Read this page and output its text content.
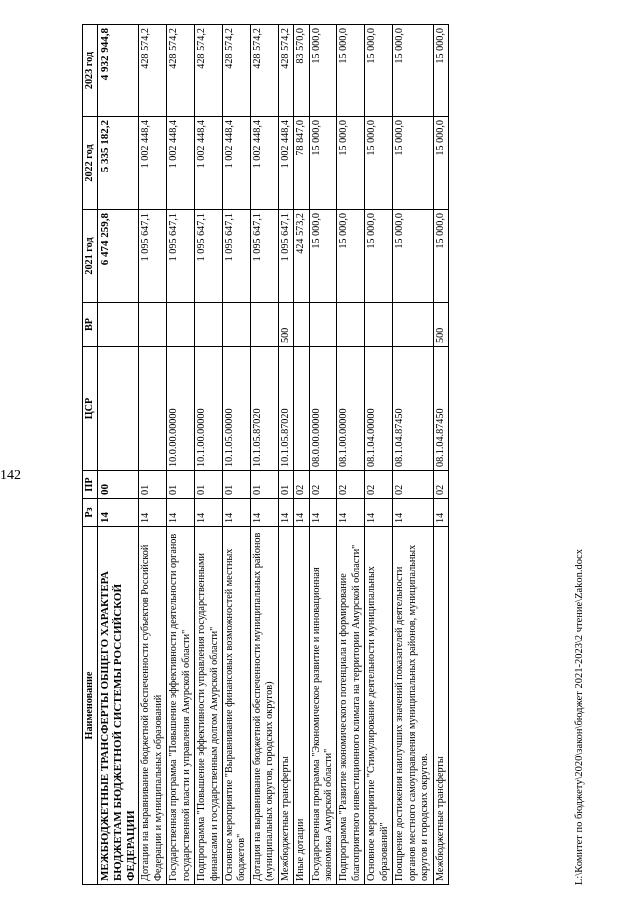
142
Наименование	Рз	ПР	ЦСР	ВР	2021 год	2022 год	2023 год
МЕЖБЮДЖЕТНЫЕ ТРАНСФЕРТЫ ОБЩЕГО ХАРАКТЕРА БЮДЖЕТАМ БЮДЖЕТНОЙ СИСТЕМЫ РОССИЙСКОЙ ФЕДЕРАЦИИ	14	00			6 474 259,8	5 335 182,2	4 932 944,8
Дотации на выравнивание бюджетной обеспеченности субъектов Российской Федерации и муниципальных образований	14	01			1 095 647,1	1 002 448,4	428 574,2
Государственная программа "Повышение эффективности деятельности органов государственной власти и управления Амурской области"	14	01	10.0.00.00000		1 095 647,1	1 002 448,4	428 574,2
Подпрограмма "Повышение эффективности управления государственными финансами и государственным долгом Амурской области"	14	01	10.1.00.00000		1 095 647,1	1 002 448,4	428 574,2
Основное мероприятие "Выравнивание финансовых возможностей местных бюджетов"	14	01	10.1.05.00000		1 095 647,1	1 002 448,4	428 574,2
Дотация на выравнивание бюджетной обеспеченности муниципальных районов (муниципальных округов, городских округов)	14	01	10.1.05.87020		1 095 647,1	1 002 448,4	428 574,2
Межбюджетные трансферты	14	01	10.1.05.87020	500	1 095 647,1	1 002 448,4	428 574,2
Иные дотации	14	02			424 573,2	78 847,0	83 570,0
Государственная программа "Экономическое развитие и инновационная экономика Амурской области"	14	02	08.0.00.00000		15 000,0	15 000,0	15 000,0
Подпрограмма "Развитие экономического потенциала и формирование благоприятного инвестиционного климата на территории Амурской области"	14	02	08.1.00.00000		15 000,0	15 000,0	15 000,0
Основное мероприятие "Стимулирование деятельности муниципальных образований"	14	02	08.1.04.00000		15 000,0	15 000,0	15 000,0
Поощрение достижения наилучших значений показателей деятельности органов местного самоуправления муниципальных районов, муниципальных округов и городских округов.	14	02	08.1.04.87450		15 000,0	15 000,0	15 000,0
Межбюджетные трансферты	14	02	08.1.04.87450	500	15 000,0	15 000,0	15 000,0
L:\Комитет по бюджету\2020\закон\бюджет 2021-2023\2 чтение\Zakon.docx
